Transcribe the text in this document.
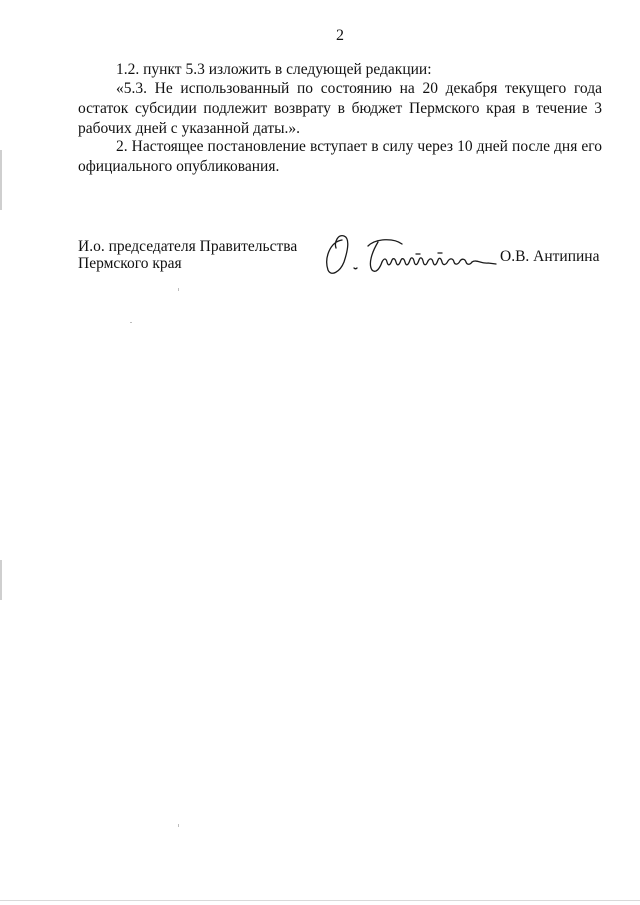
2
1.2. пункт 5.3 изложить в следующей редакции:
«5.3. Не использованный по состоянию на 20 декабря текущего года остаток субсидии подлежит возврату в бюджет Пермского края в течение 3 рабочих дней с указанной даты.».
2. Настоящее постановление вступает в силу через 10 дней после дня его официального опубликования.
И.о. председателя Правительства
Пермского края	О.В. Антипина
